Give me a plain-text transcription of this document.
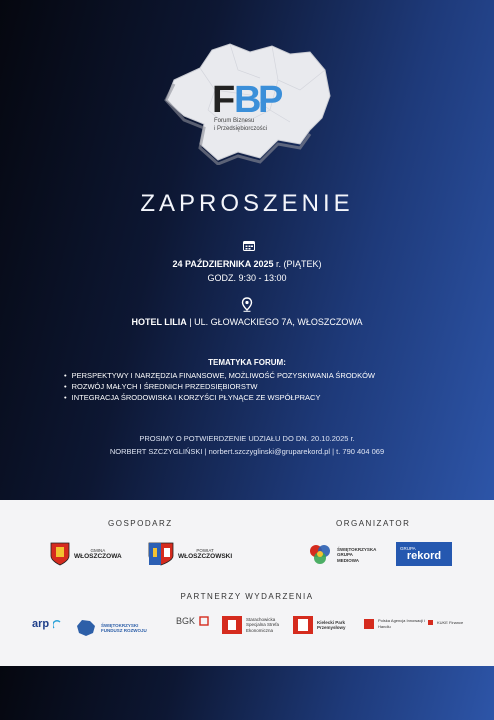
F
B
P
Forum Biznesu
i Przedsiębiorczości
ZAPROSZENIE
24 PAŹDZIERNIKA 2025 r. (PIĄTEK)
GODZ. 9:30 - 13:00
HOTEL LILIA | UL. GŁOWACKIEGO 7A, WŁOSZCZOWA
TEMATYKA FORUM:
• PERSPEKTYWY I NARZĘDZIA FINANSOWE, MOŻLIWOŚĆ POZYSKIWANIA ŚRODKÓW
• ROZWÓJ MAŁYCH I ŚREDNICH PRZEDSIĘBIORSTW
• INTEGRACJA ŚRODOWISKA I KORZYŚCI PŁYNĄCE ZE WSPÓŁPRACY
PROSIMY O POTWIERDZENIE UDZIAŁU DO DN. 20.10.2025 r.
NORBERT SZCZYGLIŃSKI | norbert.szczyglinski@gruparekord.pl | t. 790 404 069
GOSPODARZ	ORGANIZATOR
GMINA
WŁOSZCZOWA
POWIAT
WŁOSZCZOWSKI
ŚWIĘTOKRZYSKA GRUPA MEDIOWA
GRUPA
rekord
PARTNERZY WYDARZENIA
arp	ŚWIĘTOKRZYSKI FUNDUSZ ROZWOJU
BGK	Starachowicka Specjalna Strefa Ekonomiczna
Kielecki Park Przemysłowy
Polska Agencja Innowacji i Handlu
KUKE Finance
